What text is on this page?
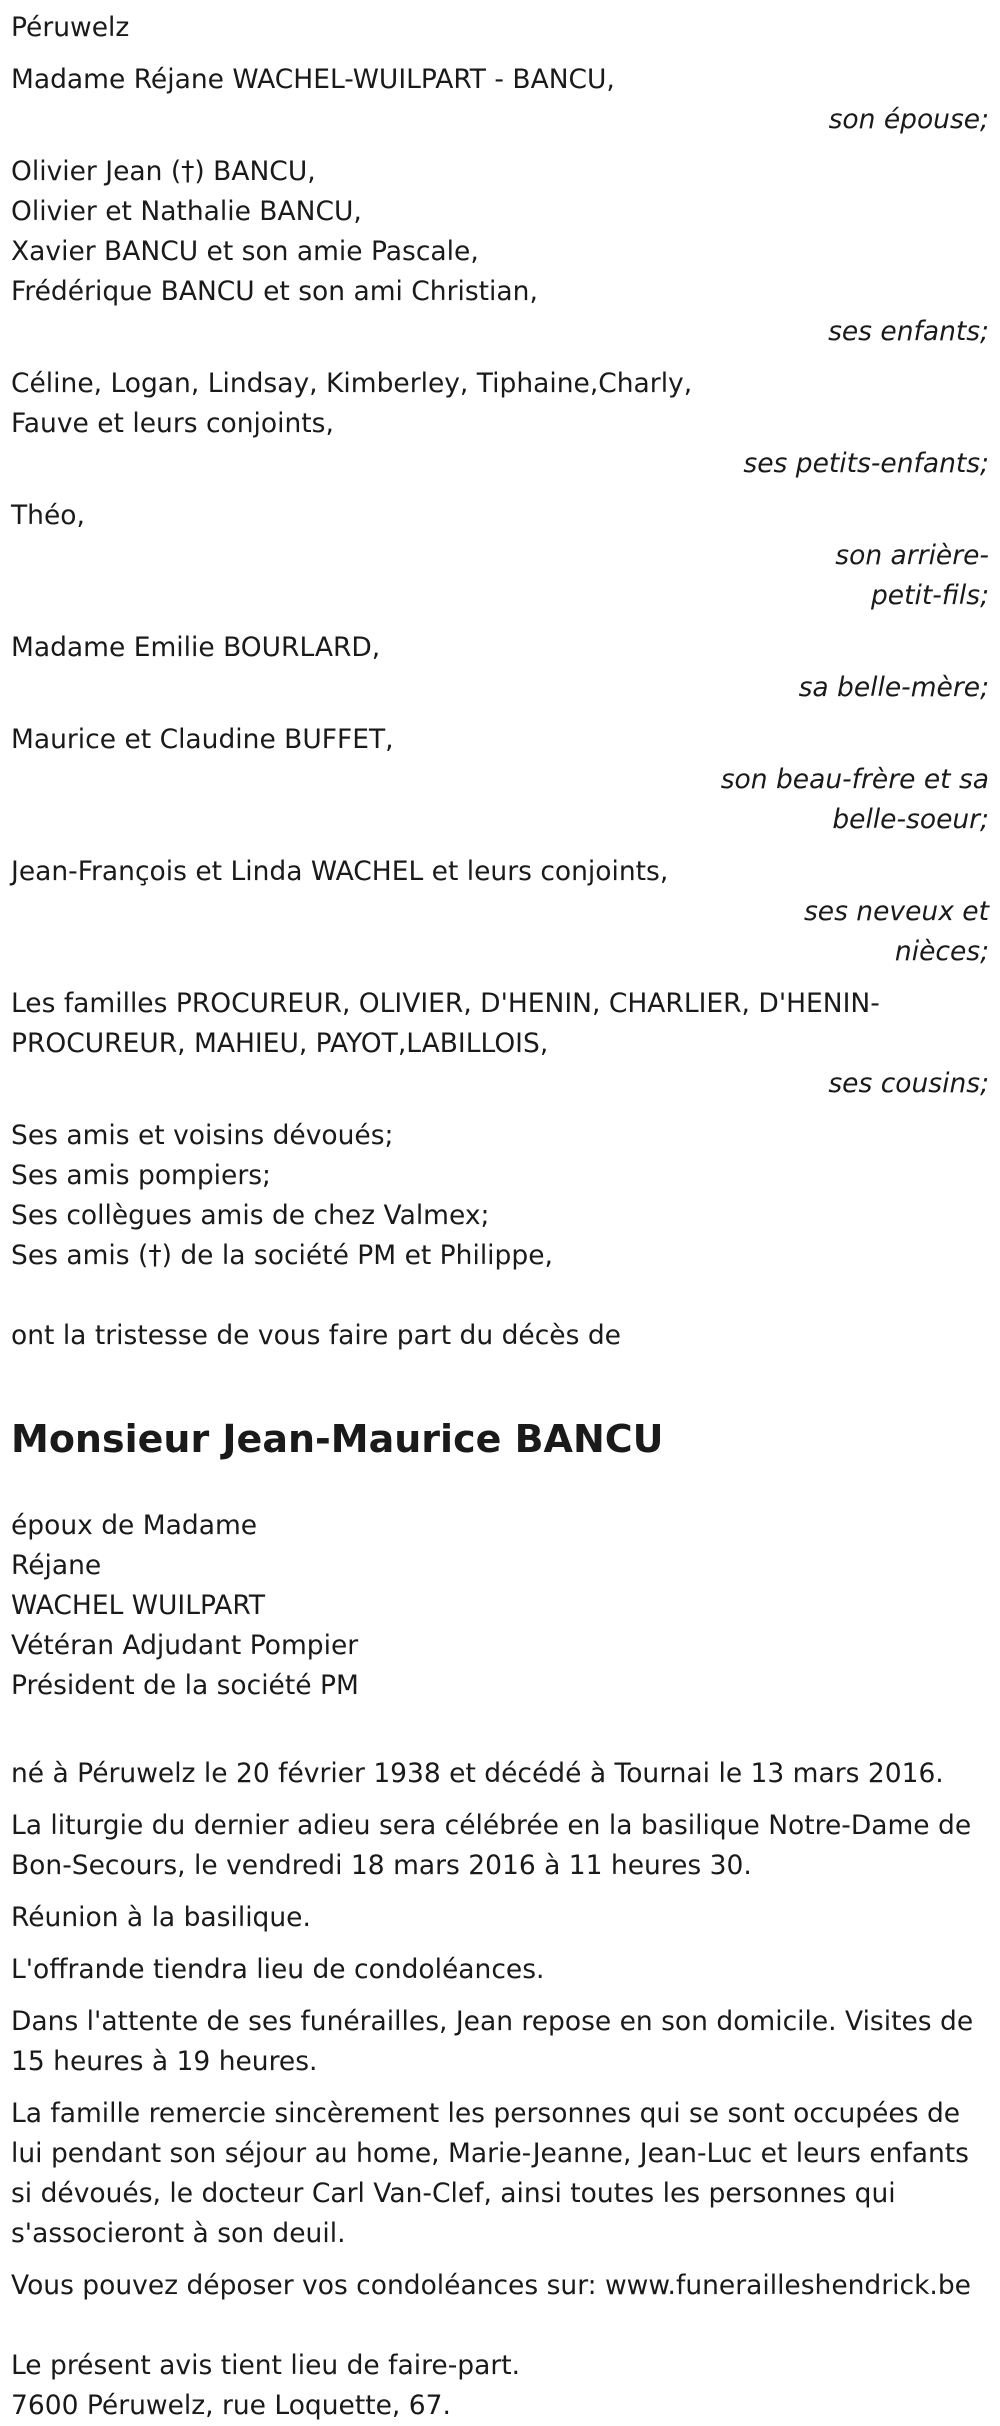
Péruwelz
Madame Réjane WACHEL-WUILPART - BANCU,
son épouse;
Olivier Jean (†) BANCU,
Olivier et Nathalie BANCU,
Xavier BANCU et son amie Pascale,
Frédérique BANCU et son ami Christian,
ses enfants;
Céline, Logan, Lindsay, Kimberley, Tiphaine,Charly,
Fauve et leurs conjoints,
ses petits-enfants;
Théo,
son arrière-
petit-fils;
Madame Emilie BOURLARD,
sa belle-mère;
Maurice et Claudine BUFFET,
son beau-frère et sa
belle-soeur;
Jean-François et Linda WACHEL et leurs conjoints,
ses neveux et
nièces;
Les familles PROCUREUR, OLIVIER, D'HENIN, CHARLIER, D'HENIN-
PROCUREUR, MAHIEU, PAYOT,LABILLOIS,
ses cousins;
Ses amis et voisins dévoués;
Ses amis pompiers;
Ses collègues amis de chez Valmex;
Ses amis (†) de la société PM et Philippe,
ont la tristesse de vous faire part du décès de
Monsieur Jean-Maurice BANCU
époux de Madame
Réjane
WACHEL WUILPART
Vétéran Adjudant Pompier
Président de la société PM
né à Péruwelz le 20 février 1938 et décédé à Tournai le 13 mars 2016.
La liturgie du dernier adieu sera célébrée en la basilique Notre-Dame de
Bon-Secours, le vendredi 18 mars 2016 à 11 heures 30.
Réunion à la basilique.
L'offrande tiendra lieu de condoléances.
Dans l'attente de ses funérailles, Jean repose en son domicile. Visites de
15 heures à 19 heures.
La famille remercie sincèrement les personnes qui se sont occupées de
lui pendant son séjour au home, Marie-Jeanne, Jean-Luc et leurs enfants
si dévoués, le docteur Carl Van-Clef, ainsi toutes les personnes qui
s'associeront à son deuil.
Vous pouvez déposer vos condoléances sur: www.funerailleshendrick.be
Le présent avis tient lieu de faire-part.
7600 Péruwelz, rue Loquette, 67.
